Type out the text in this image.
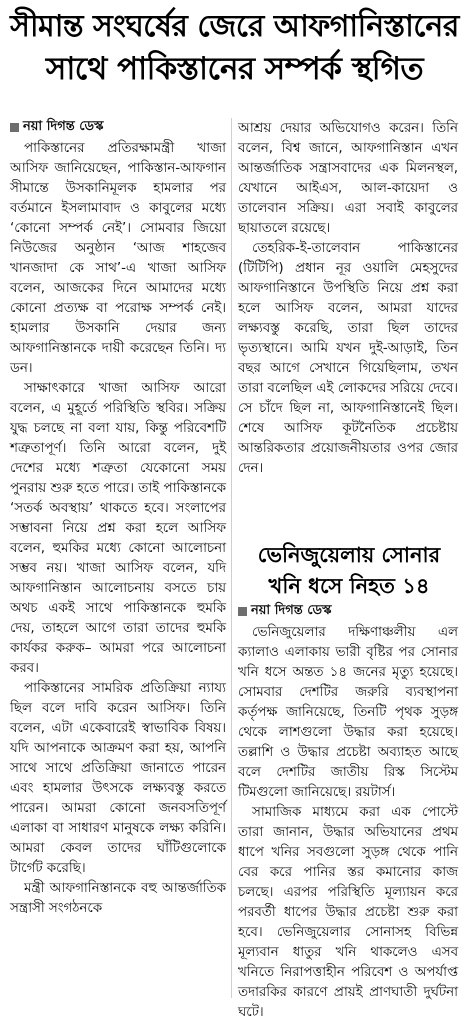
সীমান্ত সংঘর্ষের জেরে আফগানিস্তানের
সাথে পাকিস্তানের সম্পর্ক স্থগিত
নয়া দিগন্ত ডেস্ক

পাকিস্তানের প্রতিরক্ষামন্ত্রী খাজা আসিফ জানিয়েছেন, পাকিস্তান-আফগান সীমান্তে উসকানিমূলক হামলার পর বর্তমানে ইসলামাবাদ ও কাবুলের মধ্যে ‘কোনো সম্পর্ক নেই’। সোমবার জিয়ো নিউজের অনুষ্ঠান ‘আজ শাহজেব খানজাদা কে সাথ’-এ খাজা আসিফ বলেন, আজকের দিনে আমাদের মধ্যে কোনো প্রত্যক্ষ বা পরোক্ষ সম্পর্ক নেই। হামলার উসকানি দেয়ার জন্য আফগানিস্তানকে দায়ী করেছেন তিনি। দ্য ডন।

সাক্ষাৎকারে খাজা আসিফ আরো বলেন, এ মুহূর্তে পরিস্থিতি স্থবির। সক্রিয় যুদ্ধ চলছে না বলা যায়, কিন্তু পরিবেশটি শত্রুতাপূর্ণ। তিনি আরো বলেন, দুই দেশের মধ্যে শত্রুতা যেকোনো সময় পুনরায় শুরু হতে পারে। তাই পাকিস্তানকে ‘সতর্ক অবস্থায়’ থাকতে হবে। সংলাপের সম্ভাবনা নিয়ে প্রশ্ন করা হলে আসিফ বলেন, হুমকির মধ্যে কোনো আলোচনা সম্ভব নয়। খাজা আসিফ বলেন, যদি আফগানিস্তান আলোচনায় বসতে চায় অথচ একই সাথে পাকিস্তানকে হুমকি দেয়, তাহলে আগে তারা তাদের হুমকি কার্যকর করুক– আমরা পরে আলোচনা করব।

পাকিস্তানের সামরিক প্রতিক্রিয়া ন্যায্য ছিল বলে দাবি করেন আসিফ। তিনি বলেন, এটা একেবারেই স্বাভাবিক বিষয়। যদি আপনাকে আক্রমণ করা হয়, আপনি সাথে সাথে প্রতিক্রিয়া জানাতে পারেন এবং হামলার উৎসকে লক্ষ্যবস্তু করতে পারেন। আমরা কোনো জনবসতিপূর্ণ এলাকা বা সাধারণ মানুষকে লক্ষ্য করিনি। আমরা কেবল তাদের ঘাঁটিগুলোকে টার্গেট করেছি।

মন্ত্রী আফগানিস্তানকে বহু আন্তর্জাতিক সন্ত্রাসী সংগঠনকে

আশ্রয় দেয়ার অভিযোগও করেন। তিনি বলেন, বিশ্ব জানে, আফগানিস্তান এখন আন্তর্জাতিক সন্ত্রাসবাদের এক মিলনস্থল, যেখানে আইএস, আল-কায়েদা ও তালেবান সক্রিয়। এরা সবাই কাবুলের ছায়াতলে রয়েছে।

তেহরিক-ই-তালেবান পাকিস্তানের (টিটিপি) প্রধান নূর ওয়ালি মেহসুদের আফগানিস্তানে উপস্থিতি নিয়ে প্রশ্ন করা হলে আসিফ বলেন, আমরা যাদের লক্ষ্যবস্তু করেছি, তারা ছিল তাদের ভৃত্যস্থানে। আমি যখন দুই-আড়াই, তিন বছর আগে সেখানে গিয়েছিলাম, তখন তারা বলেছিল এই লোকদের সরিয়ে দেবে। সে চাঁদে ছিল না, আফগানিস্তানেই ছিল। শেষে আসিফ কূটনৈতিক প্রচেষ্টায় আন্তরিকতার প্রয়োজনীয়তার ওপর জোর দেন।

ভেনিজুয়েলায় সোনার
খনি ধসে নিহত ১৪
নয়া দিগন্ত ডেস্ক

ভেনিজুয়েলার দক্ষিণাঞ্চলীয় এল ক্যালাও এলাকায় ভারী বৃষ্টির পর সোনার খনি ধসে অন্তত ১৪ জনের মৃত্যু হয়েছে। সোমবার দেশটির জরুরি ব্যবস্থাপনা কর্তৃপক্ষ জানিয়েছে, তিনটি পৃথক সুড়ঙ্গ থেকে লাশগুলো উদ্ধার করা হয়েছে। তল্লাশি ও উদ্ধার প্রচেষ্টা অব্যাহত আছে বলে দেশটির জাতীয় রিস্ক সিস্টেম টিমগুলো জানিয়েছে। রয়টার্স।

সামাজিক মাধ্যমে করা এক পোস্টে তারা জানান, উদ্ধার অভিযানের প্রথম ধাপে খনির সবগুলো সুড়ঙ্গ থেকে পানি বের করে পানির স্তর কমানোর কাজ চলছে। এরপর পরিস্থিতি মূল্যায়ন করে পরবর্তী ধাপের উদ্ধার প্রচেষ্টা শুরু করা হবে। ভেনিজুয়েলার সোনাসহ বিভিন্ন মূল্যবান ধাতুর খনি থাকলেও এসব খনিতে নিরাপত্তাহীন পরিবেশ ও অপর্যাপ্ত তদারকির কারণে প্রায়ই প্রাণঘাতী দুর্ঘটনা ঘটে।
